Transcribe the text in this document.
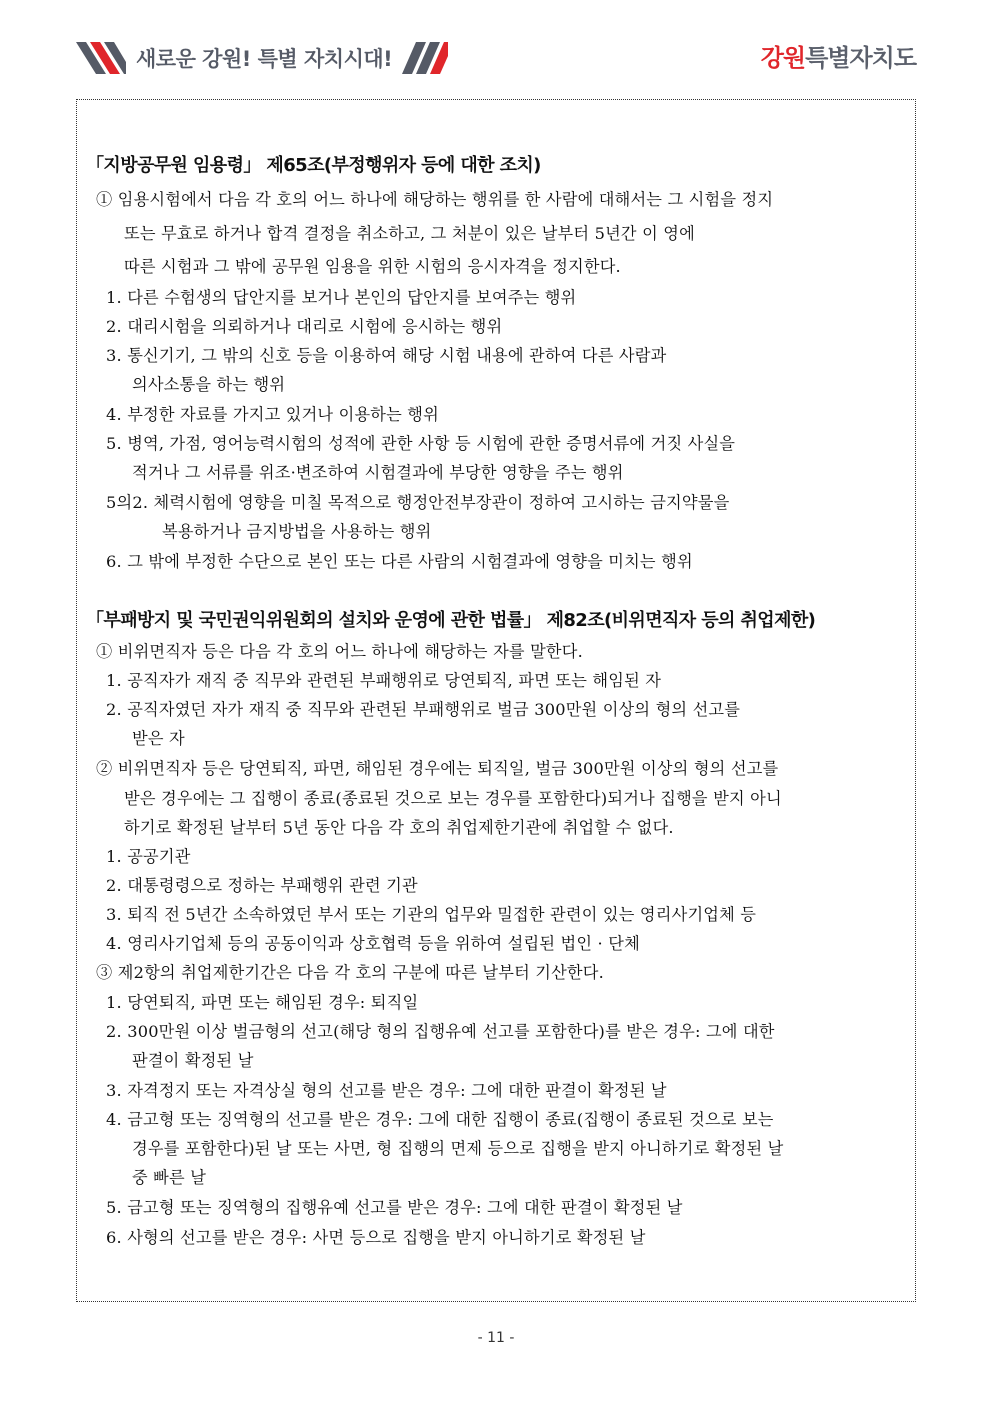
새로운 강원! 특별 자치시대!	강원특별자치도
「지방공무원 임용령」 제65조(부정행위자 등에 대한 조치)
① 임용시험에서 다음 각 호의 어느 하나에 해당하는 행위를 한 사람에 대해서는 그 시험을 정지
또는 무효로 하거나 합격 결정을 취소하고, 그 처분이 있은 날부터 5년간 이 영에
따른 시험과 그 밖에 공무원 임용을 위한 시험의 응시자격을 정지한다.
1. 다른 수험생의 답안지를 보거나 본인의 답안지를 보여주는 행위
2. 대리시험을 의뢰하거나 대리로 시험에 응시하는 행위
3. 통신기기, 그 밖의 신호 등을 이용하여 해당 시험 내용에 관하여 다른 사람과
의사소통을 하는 행위
4. 부정한 자료를 가지고 있거나 이용하는 행위
5. 병역, 가점, 영어능력시험의 성적에 관한 사항 등 시험에 관한 증명서류에 거짓 사실을
적거나 그 서류를 위조·변조하여 시험결과에 부당한 영향을 주는 행위
5의2. 체력시험에 영향을 미칠 목적으로 행정안전부장관이 정하여 고시하는 금지약물을
복용하거나 금지방법을 사용하는 행위
6. 그 밖에 부정한 수단으로 본인 또는 다른 사람의 시험결과에 영향을 미치는 행위
「부패방지 및 국민권익위원회의 설치와 운영에 관한 법률」 제82조(비위면직자 등의 취업제한)
① 비위면직자 등은 다음 각 호의 어느 하나에 해당하는 자를 말한다.
1. 공직자가 재직 중 직무와 관련된 부패행위로 당연퇴직, 파면 또는 해임된 자
2. 공직자였던 자가 재직 중 직무와 관련된 부패행위로 벌금 300만원 이상의 형의 선고를
받은 자
② 비위면직자 등은 당연퇴직, 파면, 해임된 경우에는 퇴직일, 벌금 300만원 이상의 형의 선고를
받은 경우에는 그 집행이 종료(종료된 것으로 보는 경우를 포함한다)되거나 집행을 받지 아니
하기로 확정된 날부터 5년 동안 다음 각 호의 취업제한기관에 취업할 수 없다.
1. 공공기관
2. 대통령령으로 정하는 부패행위 관련 기관
3. 퇴직 전 5년간 소속하였던 부서 또는 기관의 업무와 밀접한 관련이 있는 영리사기업체 등
4. 영리사기업체 등의 공동이익과 상호협력 등을 위하여 설립된 법인 · 단체
③ 제2항의 취업제한기간은 다음 각 호의 구분에 따른 날부터 기산한다.
1. 당연퇴직, 파면 또는 해임된 경우: 퇴직일
2. 300만원 이상 벌금형의 선고(해당 형의 집행유예 선고를 포함한다)를 받은 경우: 그에 대한
판결이 확정된 날
3. 자격정지 또는 자격상실 형의 선고를 받은 경우: 그에 대한 판결이 확정된 날
4. 금고형 또는 징역형의 선고를 받은 경우: 그에 대한 집행이 종료(집행이 종료된 것으로 보는
경우를 포함한다)된 날 또는 사면, 형 집행의 면제 등으로 집행을 받지 아니하기로 확정된 날
중 빠른 날
5. 금고형 또는 징역형의 집행유예 선고를 받은 경우: 그에 대한 판결이 확정된 날
6. 사형의 선고를 받은 경우: 사면 등으로 집행을 받지 아니하기로 확정된 날
- 11 -
